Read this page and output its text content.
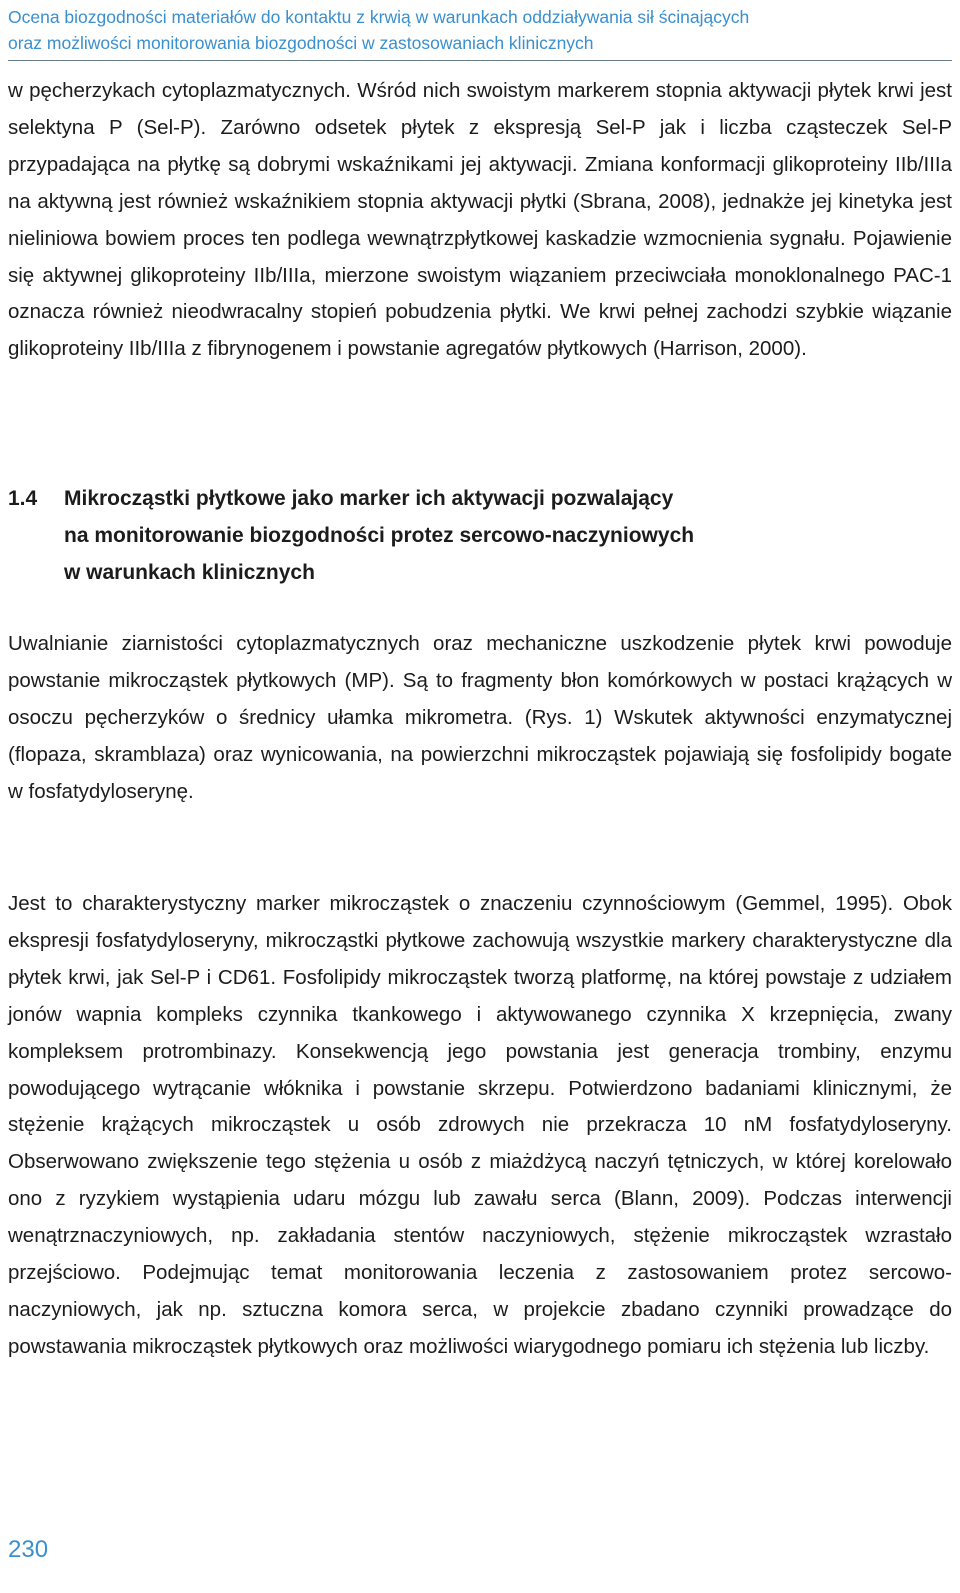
Ocena biozgodności materiałów do kontaktu z krwią w warunkach oddziaływania sił ścinających
oraz możliwości monitorowania biozgodności w zastosowaniach klinicznych

w pęcherzykach cytoplazmatycznych. Wśród nich swoistym markerem stopnia aktywacji płytek krwi jest selektyna P (Sel-P). Zarówno odsetek płytek z ekspresją Sel-P jak i liczba cząsteczek Sel-P przypadająca na płytkę są dobrymi wskaźnikami jej aktywacji. Zmiana konformacji glikoproteiny IIb/IIIa na aktywną jest również wskaźnikiem stopnia aktywacji płytki (Sbrana, 2008), jednakże jej kinetyka jest nieliniowa bowiem proces ten podlega wewnątrzpłytkowej kaskadzie wzmocnienia sygnału. Pojawienie się aktywnej glikoproteiny IIb/IIIa, mierzone swoistym wiązaniem przeciwciała monoklonalnego PAC-1 oznacza również nieodwracalny stopień pobudzenia płytki. We krwi pełnej zachodzi szybkie wiązanie glikoproteiny IIb/IIIa z fibrynogenem i powstanie agregatów płytkowych (Harrison, 2000).

1.4 Mikrocząstki płytkowe jako marker ich aktywacji pozwalający
na monitorowanie biozgodności protez sercowo-naczyniowych
w warunkach klinicznych

Uwalnianie ziarnistości cytoplazmatycznych oraz mechaniczne uszkodzenie płytek krwi powoduje powstanie mikrocząstek płytkowych (MP). Są to fragmenty błon komórkowych w postaci krążących w osoczu pęcherzyków o średnicy ułamka mikrometra. (Rys. 1) Wskutek aktywności enzymatycznej (flopaza, skramblaza) oraz wynicowania, na powierzchni mikrocząstek pojawiają się fosfolipidy bogate w fosfatydyloserynę.

Jest to charakterystyczny marker mikrocząstek o znaczeniu czynnościowym (Gemmel, 1995). Obok ekspresji fosfatydyloseryny, mikrocząstki płytkowe zachowują wszystkie markery charakterystyczne dla płytek krwi, jak Sel-P i CD61. Fosfolipidy mikrocząstek tworzą platformę, na której powstaje z udziałem jonów wapnia kompleks czynnika tkankowego i aktywowanego czynnika X krzepnięcia, zwany kompleksem protrombinazy. Konsekwencją jego powstania jest generacja trombiny, enzymu powodującego wytrącanie włóknika i powstanie skrzepu. Potwierdzono badaniami klinicznymi, że stężenie krążących mikrocząstek u osób zdrowych nie przekracza 10 nM fosfatydyloseryny. Obserwowano zwiększenie tego stężenia u osób z miażdżycą naczyń tętniczych, w której korelowało ono z ryzykiem wystąpienia udaru mózgu lub zawału serca (Blann, 2009). Podczas interwencji wenątrznaczyniowych, np. zakładania stentów naczyniowych, stężenie mikrocząstek wzrastało przejściowo. Podejmując temat monitorowania leczenia z zastosowaniem protez sercowo-naczyniowych, jak np. sztuczna komora serca, w projekcie zbadano czynniki prowadzące do powstawania mikrocząstek płytkowych oraz możliwości wiarygodnego pomiaru ich stężenia lub liczby.

230
